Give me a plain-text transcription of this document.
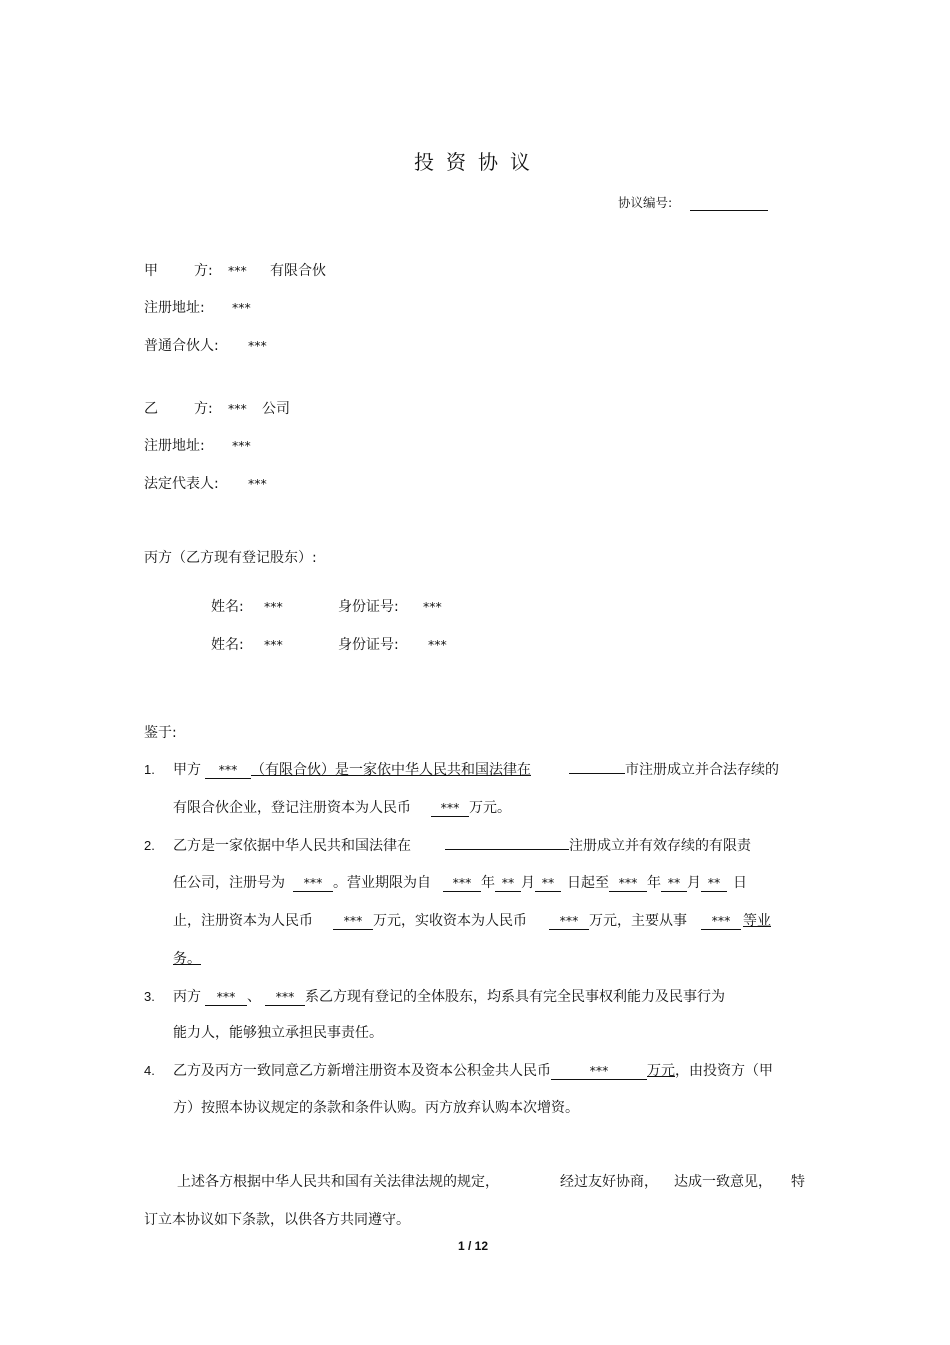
投资协议
协议编号:
甲	方: *** 有限合伙
注册地址: ***
普通合伙人: ***
乙	方: *** 公司
注册地址: ***
法定代表人: ***
丙方（乙方现有登记股东）:
姓名: ***	身份证号: ***
姓名: ***	身份证号: ***
鉴于:
1. 甲方 *** （有限合伙）是一家依中华人民共和国法律在	市注册成立并合法存续的
有限合伙企业，登记注册资本为人民币 *** 万元。
2. 乙方是一家依据中华人民共和国法律在	注册成立并有效存续的有限责
任公司，注册号为 *** 。营业期限为自 *** 年 ** 月 ** 日起至 *** 年 ** 月 ** 日
止，注册资本为人民币 *** 万元，实收资本为人民币	*** 万元，主要从事 *** 等业
务。
3. 丙方 *** 、 *** 系乙方现有登记的全体股东，均系具有完全民事权利能力及民事行为
能力人，能够独立承担民事责任。
4. 乙方及丙方一致同意乙方新增注册资本及资本公积金共人民币	***	万元，由投资方（甲
方）按照本协议规定的条款和条件认购。丙方放弃认购本次增资。
上述各方根据中华人民共和国有关法律法规的规定，	经过友好协商， 达成一致意见， 特
订立本协议如下条款，以供各方共同遵守。
1 / 12
